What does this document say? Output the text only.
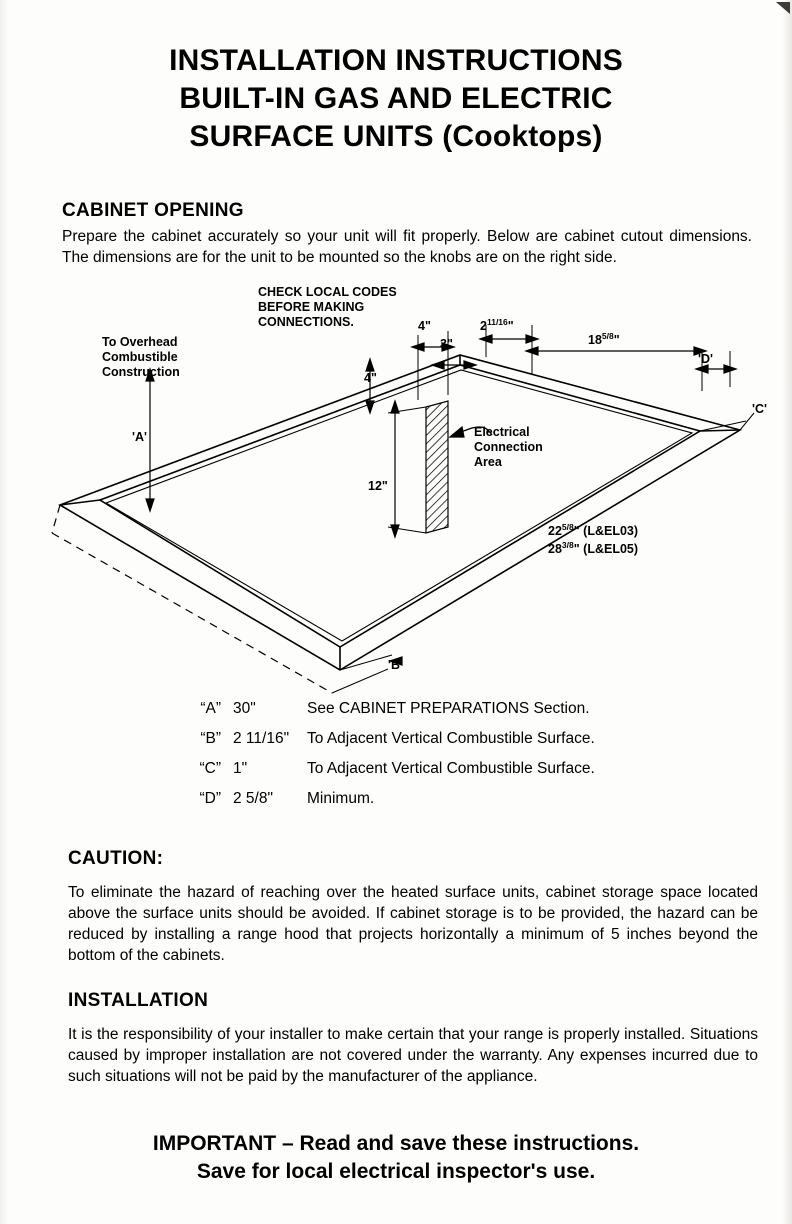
INSTALLATION INSTRUCTIONS
BUILT-IN GAS AND ELECTRIC
SURFACE UNITS (Cooktops)
CABINET OPENING
Prepare the cabinet accurately so your unit will fit properly. Below are cabinet cutout dimensions. The dimensions are for the unit to be mounted so the knobs are on the right side.
CHECK LOCAL CODES BEFORE MAKING CONNECTIONS.
To Overhead Combustible Construction
'A'
'B'
'C'
'D'
4"
4"
3"
$2^{11/16}$"
$18^{5/8}$"
12"
Electrical Connection Area
$22^{5/8}$" (L&EL03)
$28^{3/8}$" (L&EL05)
“A” 30"	See CABINET PREPARATIONS Section.
“B” 2 11/16"	To Adjacent Vertical Combustible Surface.
“C” 1"	To Adjacent Vertical Combustible Surface.
“D” 2 5/8"	Minimum.
CAUTION:
To eliminate the hazard of reaching over the heated surface units, cabinet storage space located above the surface units should be avoided. If cabinet storage is to be provided, the hazard can be reduced by installing a range hood that projects horizontally a minimum of 5 inches beyond the bottom of the cabinets.
INSTALLATION
It is the responsibility of your installer to make certain that your range is properly installed. Situations caused by improper installation are not covered under the warranty. Any expenses incurred due to such situations will not be paid by the manufacturer of the appliance.
IMPORTANT – Read and save these instructions.
Save for local electrical inspector's use.
